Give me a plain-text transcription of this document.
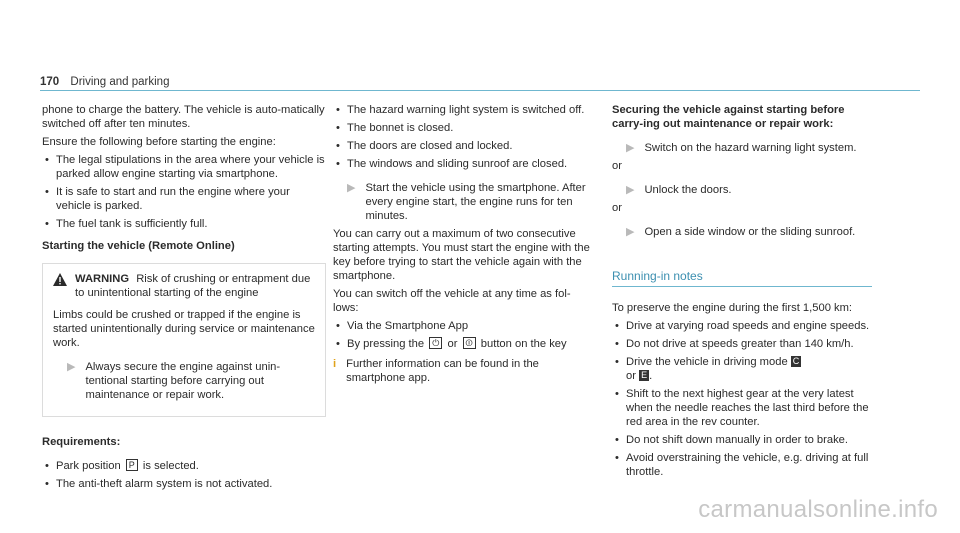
170 Driving and parking

phone to charge the battery. The vehicle is auto-matically switched off after ten minutes.

Ensure the following before starting the engine:

• The legal stipulations in the area where your vehicle is parked allow engine starting via smartphone.
• It is safe to start and run the engine where your vehicle is parked.
• The fuel tank is sufficiently full.
Starting the vehicle (Remote Online)
WARNING Risk of crushing or entrapment due to unintentional starting of the engine

Limbs could be crushed or trapped if the engine is started unintentionally during service or maintenance work.

▶ Always secure the engine against unin-tentional starting before carrying out maintenance or repair work.
Requirements:
• Park position P is selected.
• The anti-theft alarm system is not activated.
• The hazard warning light system is switched off.
• The bonnet is closed.
• The doors are closed and locked.
• The windows and sliding sunroof are closed.
▶ Start the vehicle using the smartphone. After every engine start, the engine runs for ten minutes.

You can carry out a maximum of two consecutive starting attempts. You must start the engine with the key before trying to start the vehicle again with the smartphone.

You can switch off the vehicle at any time as fol-lows:

• Via the Smartphone App
• By pressing the ⏻ or ⏼ button on the key
i Further information can be found in the smartphone app.
Securing the vehicle against starting before carry-ing out maintenance or repair work:
▶ Switch on the hazard warning light system.

or

▶ Unlock the doors.

or

▶ Open a side window or the sliding sunroof.
Running-in notes

To preserve the engine during the first 1,500 km:

• Drive at varying road speeds and engine speeds.
• Do not drive at speeds greater than 140 km/h.
• Drive the vehicle in driving mode C
or E .
• Shift to the next highest gear at the very latest when the needle reaches the last third before the red area in the rev counter.
• Do not shift down manually in order to brake.
• Avoid overstraining the vehicle, e.g. driving at full throttle.
carmanualsonline.info
